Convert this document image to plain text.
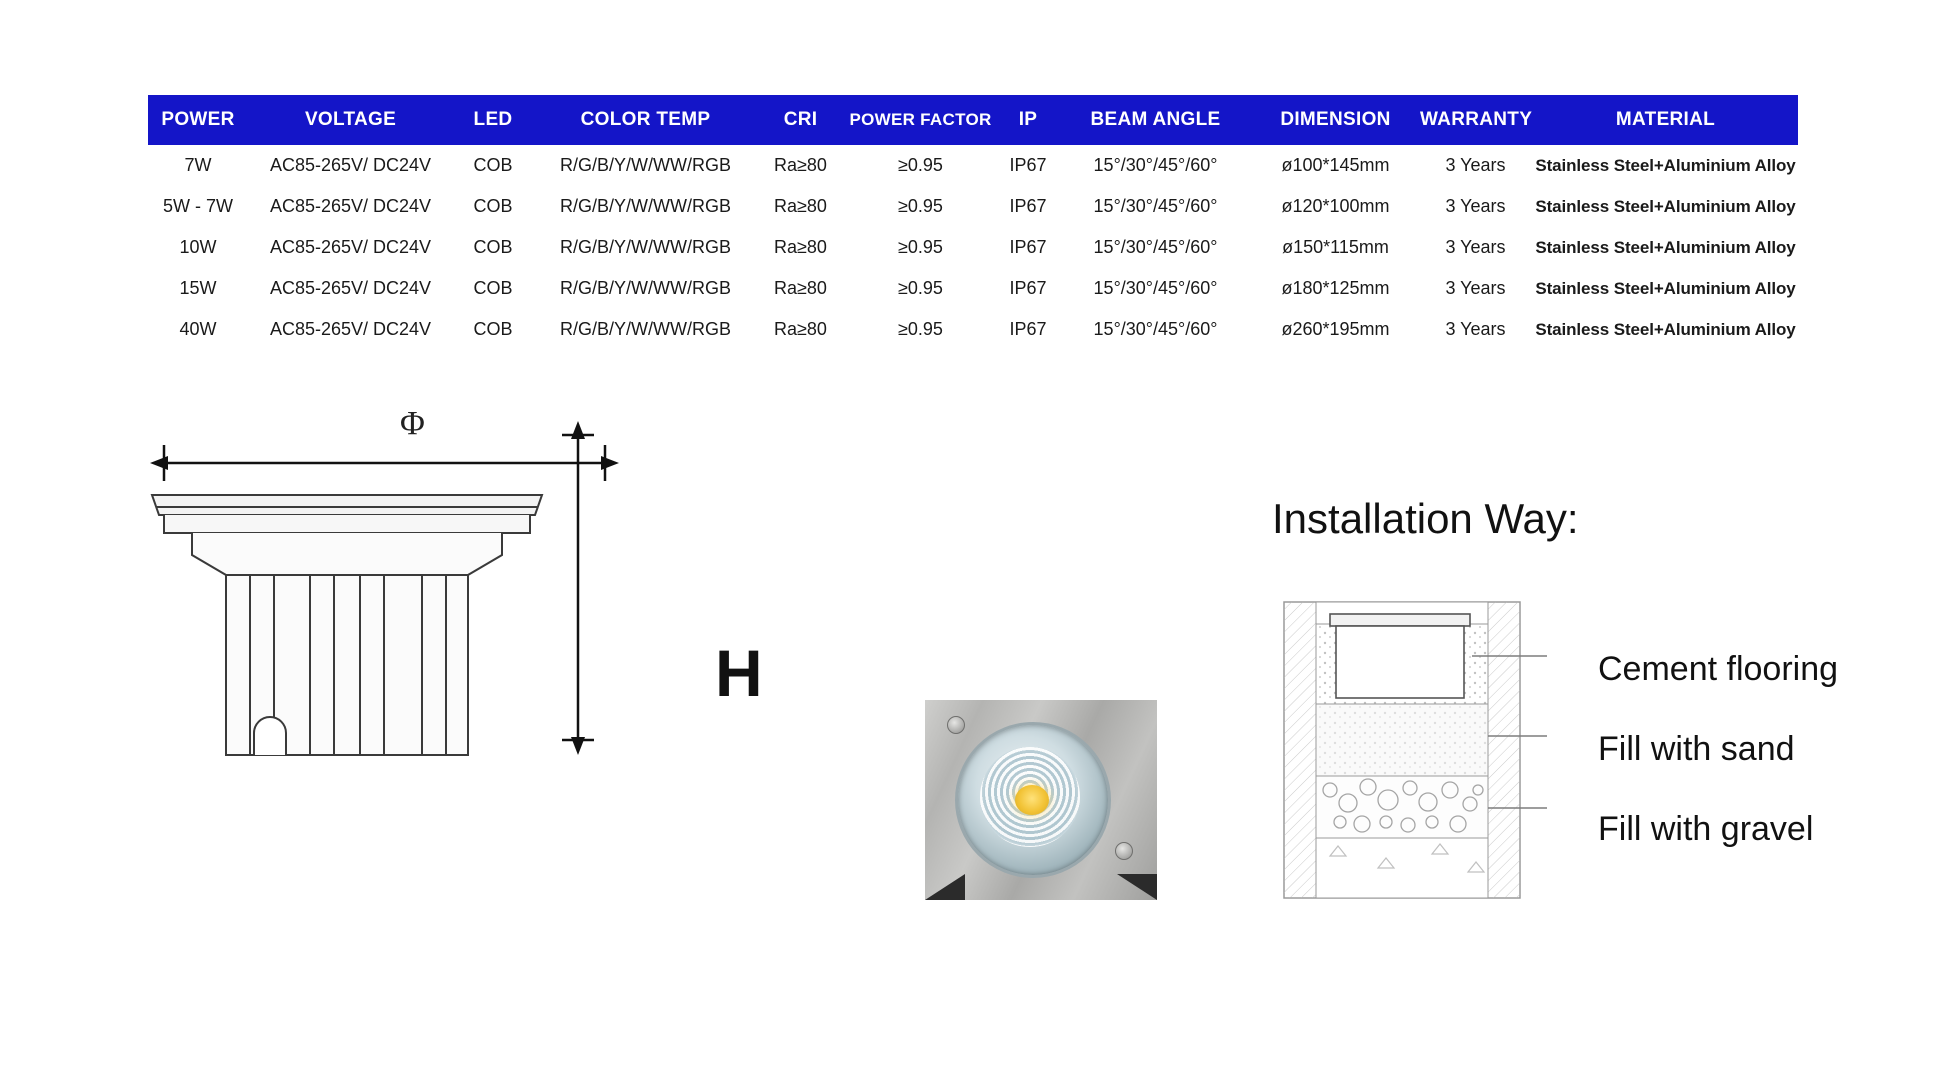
POWER	VOLTAGE	LED	COLOR TEMP	CRI	POWER FACTOR	IP	BEAM ANGLE	DIMENSION	WARRANTY	MATERIAL
7W	AC85-265V/ DC24V	COB	R/G/B/Y/W/WW/RGB	Ra≥80	≥0.95	IP67	15°/30°/45°/60°	ø100*145mm	3 Years	Stainless Steel+Aluminium Alloy
5W - 7W	AC85-265V/ DC24V	COB	R/G/B/Y/W/WW/RGB	Ra≥80	≥0.95	IP67	15°/30°/45°/60°	ø120*100mm	3 Years	Stainless Steel+Aluminium Alloy
10W	AC85-265V/ DC24V	COB	R/G/B/Y/W/WW/RGB	Ra≥80	≥0.95	IP67	15°/30°/45°/60°	ø150*115mm	3 Years	Stainless Steel+Aluminium Alloy
15W	AC85-265V/ DC24V	COB	R/G/B/Y/W/WW/RGB	Ra≥80	≥0.95	IP67	15°/30°/45°/60°	ø180*125mm	3 Years	Stainless Steel+Aluminium Alloy
40W	AC85-265V/ DC24V	COB	R/G/B/Y/W/WW/RGB	Ra≥80	≥0.95	IP67	15°/30°/45°/60°	ø260*195mm	3 Years	Stainless Steel+Aluminium Alloy
Φ
H
Installation Way:
Cement flooring
Fill with sand
Fill with gravel
